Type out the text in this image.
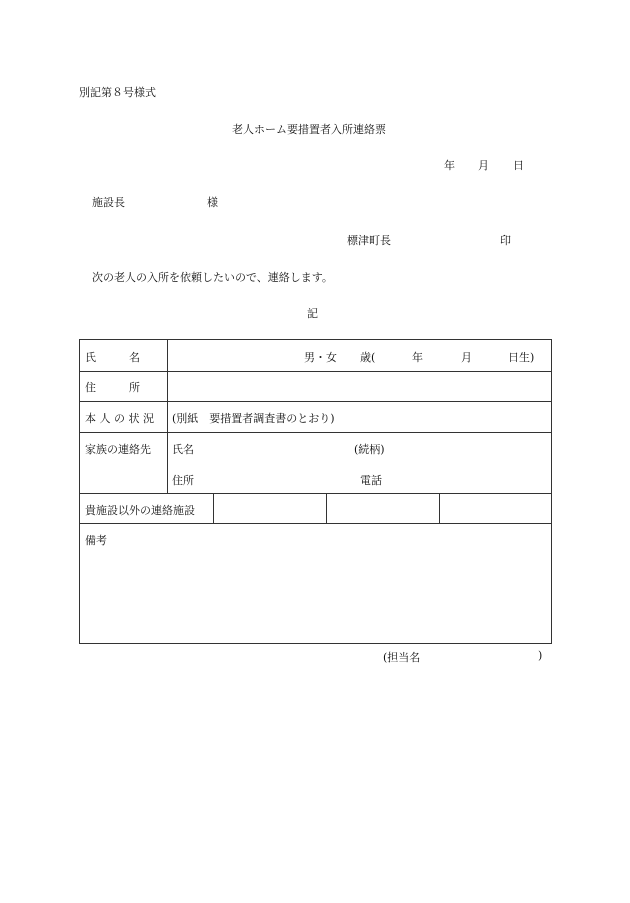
別記第８号様式
老人ホーム要措置者入所連絡票
年 月 日
施設長	様
標津町長	印
次の老人の入所を依頼したいので、連絡します。
記
氏　　　名	男・女 歳(	年	月	日生)
住　　　所
本 人 の 状 況 (別紙　要措置者調査書のとおり)
家族の連絡先 氏名	(続柄)
住所	電話
貴施設以外の連絡施設
備考
(担当名	)
